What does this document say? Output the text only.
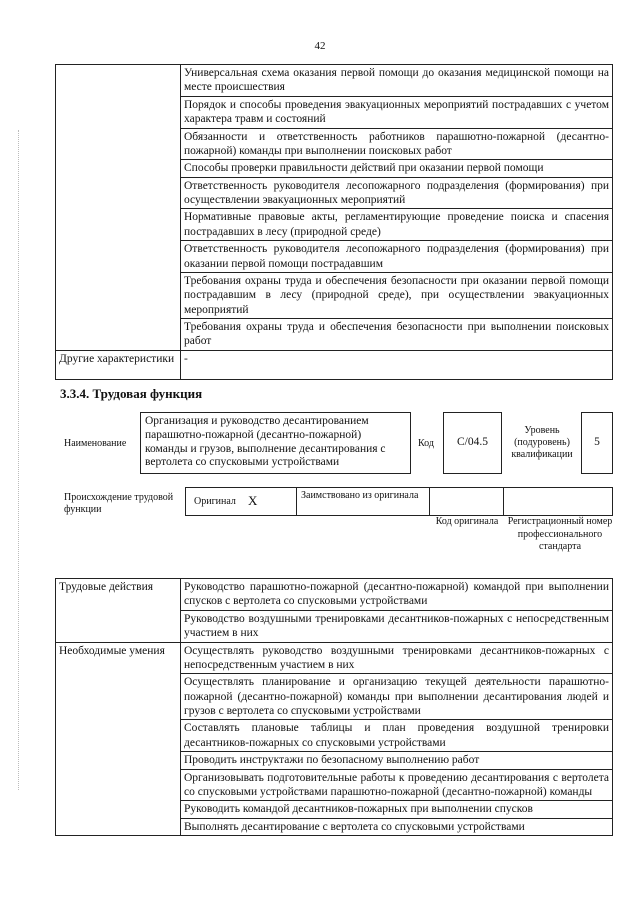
42
	Универсальная схема оказания первой помощи до оказания медицинской помощи на месте происшествия
	Порядок и способы проведения эвакуационных мероприятий пострадавших с учетом характера травм и состояний
	Обязанности и ответственность работников парашютно-пожарной (десантно-пожарной) команды при выполнении поисковых работ
	Способы проверки правильности действий при оказании первой помощи
	Ответственность руководителя лесопожарного подразделения (формирования) при осуществлении эвакуационных мероприятий
	Нормативные правовые акты, регламентирующие проведение поиска и спасения пострадавших в лесу (природной среде)
	Ответственность руководителя лесопожарного подразделения (формирования) при оказании первой помощи пострадавшим
	Требования охраны труда и обеспечения безопасности при оказании первой помощи пострадавшим в лесу (природной среде), при осуществлении эвакуационных мероприятий
	Требования охраны труда и обеспечения безопасности при выполнении поисковых работ
Другие характеристики	-
3.3.4. Трудовая функция
Наименование
Организация и руководство десантированием парашютно-пожарной (десантно-пожарной) команды и грузов, выполнение десантирования с вертолета со спусковыми устройствами
Код C/04.5
Уровень (подуровень) квалификации
5
Происхождение трудовой функции
Оригинал X	Заимствовано из оригинала
Код оригинала Регистрационный номер профессионального стандарта
Трудовые действия	Руководство парашютно-пожарной (десантно-пожарной) командой при выполнении спусков с вертолета со спусковыми устройствами
	Руководство воздушными тренировками десантников-пожарных с непосредственным участием в них
Необходимые умения	Осуществлять руководство воздушными тренировками десантников-пожарных с непосредственным участием в них
	Осуществлять планирование и организацию текущей деятельности парашютно-пожарной (десантно-пожарной) команды при выполнении десантирования людей и грузов с вертолета со спусковыми устройствами
	Составлять плановые таблицы и план проведения воздушной тренировки десантников-пожарных со спусковыми устройствами
	Проводить инструктажи по безопасному выполнению работ
	Организовывать подготовительные работы к проведению десантирования с вертолета со спусковыми устройствами парашютно-пожарной (десантно-пожарной) команды
	Руководить командой десантников-пожарных при выполнении спусков
	Выполнять десантирование с вертолета со спусковыми устройствами
